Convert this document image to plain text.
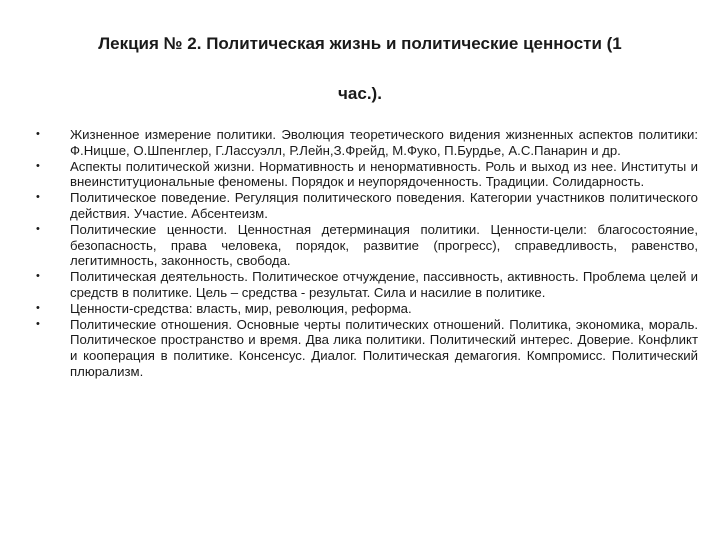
Лекция № 2. Политическая жизнь и политические ценности (1
час.).
• Жизненное измерение политики. Эволюция теоретического видения жизненных аспектов политики: Ф.Ницше, О.Шпенглер, Г.Лассуэлл, Р.Лейн,З.Фрейд, М.Фуко, П.Бурдье, А.С.Панарин и др.
• Аспекты политической жизни. Нормативность и ненормативность. Роль и выход из нее. Институты и внеинституциональные феномены. Порядок и неупорядоченность. Традиции. Солидарность.
• Политическое поведение. Регуляция политического поведения. Категории участников политического действия. Участие. Абсентеизм.
• Политические ценности. Ценностная детерминация политики. Ценности-цели: благосостояние, безопасность, права человека, порядок, развитие (прогресс), справедливость, равенство, легитимность, законность, свобода.
• Политическая деятельность. Политическое отчуждение, пассивность, активность. Проблема целей и средств в политике. Цель – средства - результат. Сила и насилие в политике.
• Ценности-средства: власть, мир, революция, реформа.
• Политические отношения. Основные черты политических отношений. Политика, экономика, мораль. Политическое пространство и время. Два лика политики. Политический интерес. Доверие. Конфликт и кооперация в политике. Консенсус. Диалог. Политическая демагогия. Компромисс. Политический плюрализм.
